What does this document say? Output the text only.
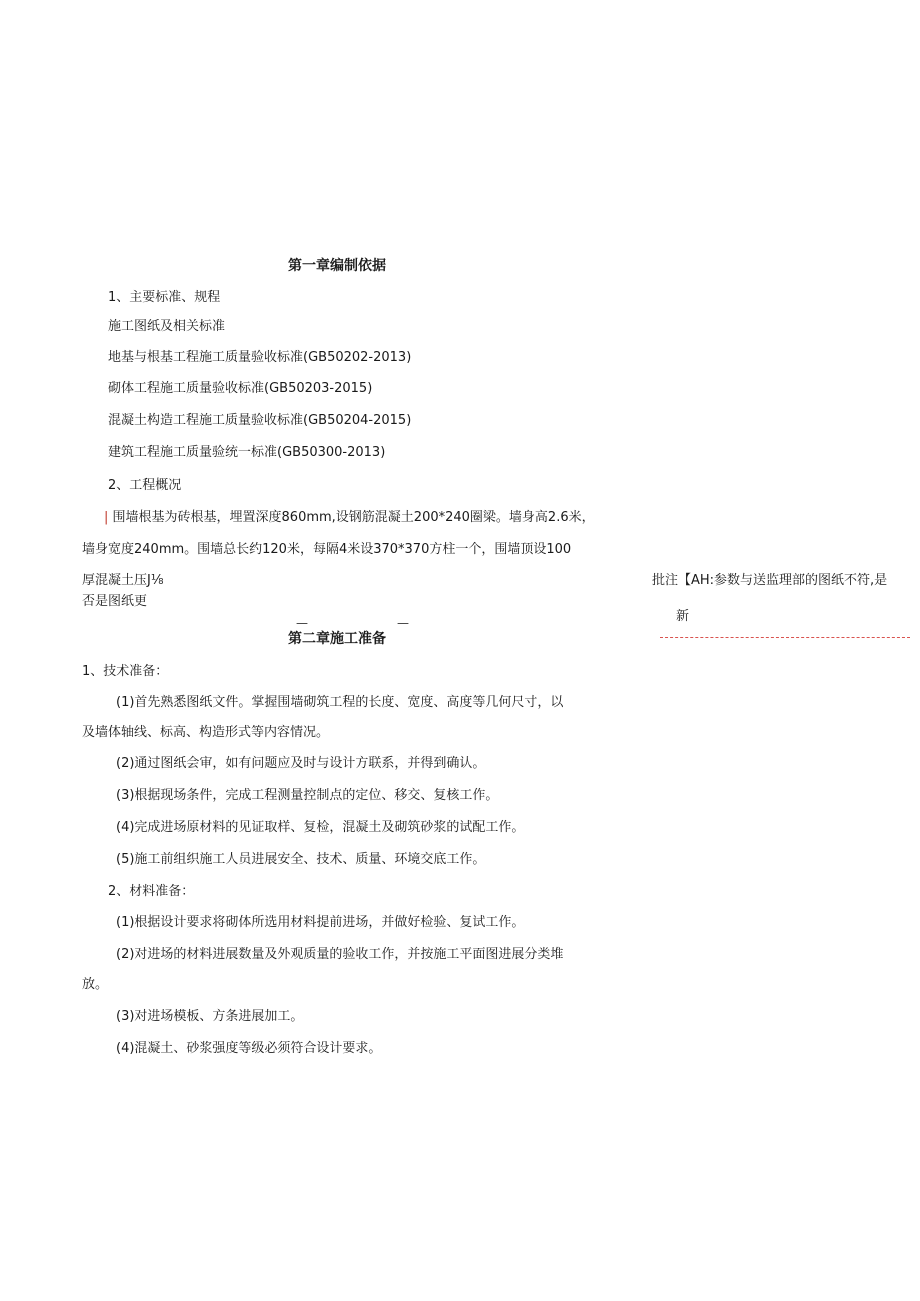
第一章编制依据
1、主要标准、规程
施工图纸及相关标准
地基与根基工程施工质量验收标准(GB50202-2013)
砌体工程施工质量验收标准(GB50203-2015)
混凝土构造工程施工质量验收标准(GB50204-2015)
建筑工程施工质量验统一标准(GB50300-2013)
2、工程概况
| 围墙根基为砖根基，埋置深度860mm,设钢筋混凝土200*240圈梁。墙身高2.6米，
墙身宽度240mm。围墙总长约120米，每隔4米设370*370方柱一个，围墙顶设100
厚混凝土压J⅛
否是图纸更
—	—
批注【AH:参数与送监理部的图纸不符,是
新
第二章施工准备
1、技术准备：
(1)首先熟悉图纸文件。掌握围墙砌筑工程的长度、宽度、高度等几何尺寸，以
及墙体轴线、标高、构造形式等内容情况。
(2)通过图纸会审，如有问题应及时与设计方联系，并得到确认。
(3)根据现场条件，完成工程测量控制点的定位、移交、复核工作。
(4)完成进场原材料的见证取样、复检，混凝土及砌筑砂浆的试配工作。
(5)施工前组织施工人员进展安全、技术、质量、环境交底工作。
2、材料准备：
(1)根据设计要求将砌体所选用材料提前进场，并做好检验、复试工作。
(2)对进场的材料进展数量及外观质量的验收工作，并按施工平面图进展分类堆
放。
(3)对进场模板、方条进展加工。
(4)混凝土、砂浆强度等级必须符合设计要求。
